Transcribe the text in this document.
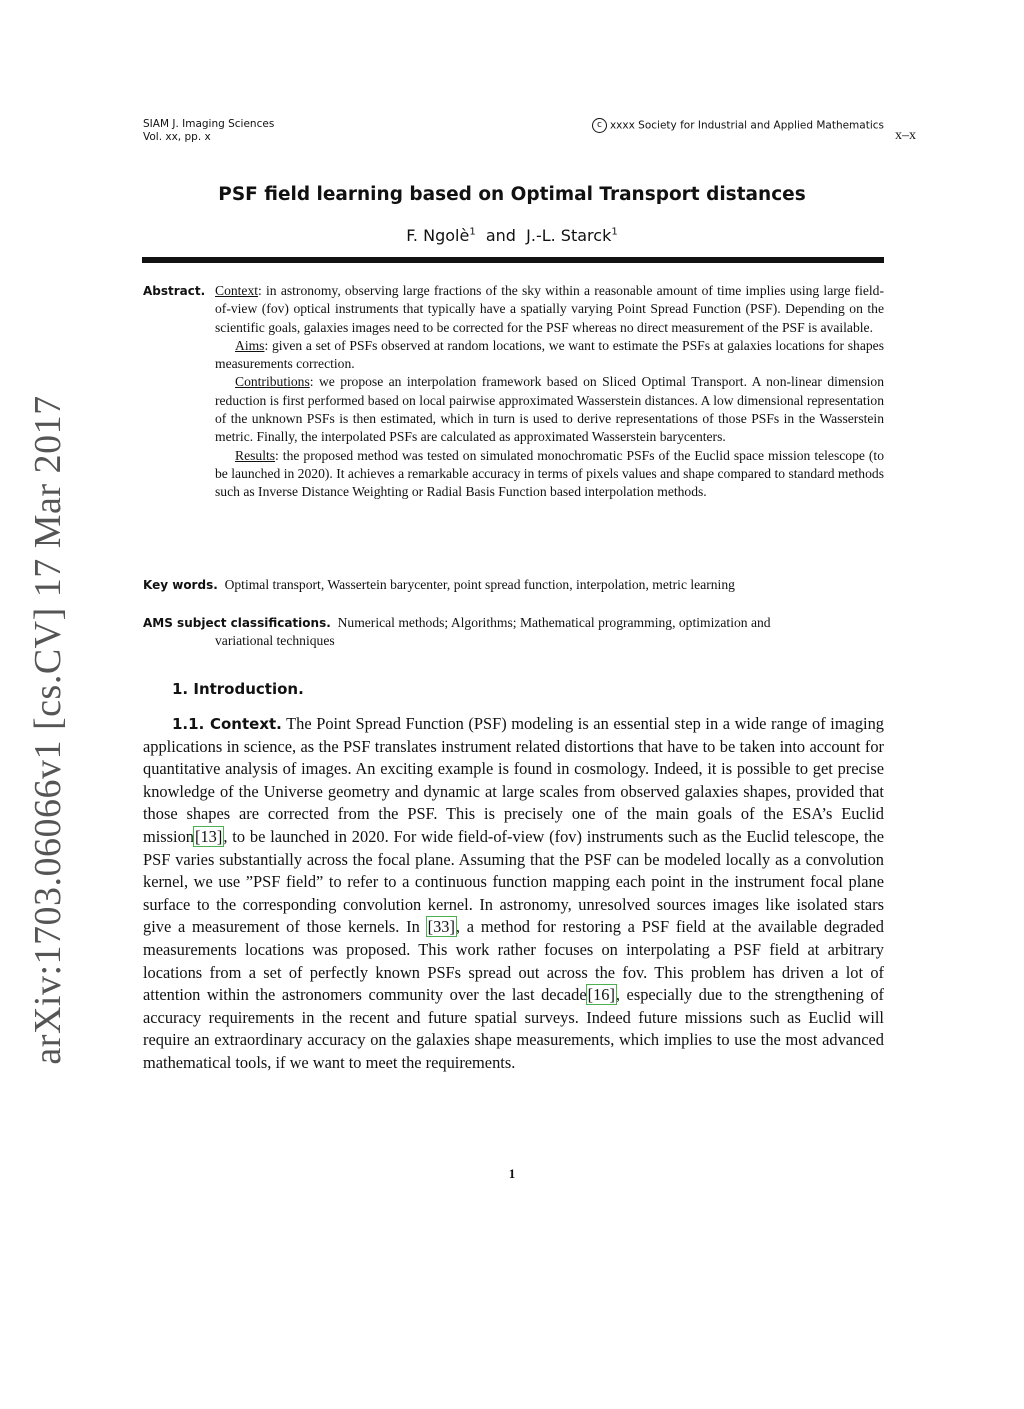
arXiv:1703.06066v1 [cs.CV] 17 Mar 2017
SIAM J. Imaging Sciences
Vol. xx, pp. x
c xxxx Society for Industrial and Applied Mathematics
x–x
PSF field learning based on Optimal Transport distances
F. Ngolè$^1$ and J.-L. Starck$^1$
Abstract. Context: in astronomy, observing large fractions of the sky within a reasonable amount of time implies using large field-of-view (fov) optical instruments that typically have a spatially varying Point Spread Function (PSF). Depending on the scientific goals, galaxies images need to be corrected for the PSF whereas no direct measurement of the PSF is available.

Aims: given a set of PSFs observed at random locations, we want to estimate the PSFs at galaxies locations for shapes measurements correction.

Contributions: we propose an interpolation framework based on Sliced Optimal Transport. A non-linear dimension reduction is first performed based on local pairwise approximated Wasserstein distances. A low dimensional representation of the unknown PSFs is then estimated, which in turn is used to derive representations of those PSFs in the Wasserstein metric. Finally, the interpolated PSFs are calculated as approximated Wasserstein barycenters.

Results: the proposed method was tested on simulated monochromatic PSFs of the Euclid space mission telescope (to be launched in 2020). It achieves a remarkable accuracy in terms of pixels values and shape compared to standard methods such as Inverse Distance Weighting or Radial Basis Function based interpolation methods.

Key words. Optimal transport, Wassertein barycenter, point spread function, interpolation, metric learning
AMS subject classifications. Numerical methods; Algorithms; Mathematical programming, optimization and
variational techniques
1. Introduction.

1.1. Context. The Point Spread Function (PSF) modeling is an essential step in a wide range of imaging applications in science, as the PSF translates instrument related distortions that have to be taken into account for quantitative analysis of images. An exciting example is found in cosmology. Indeed, it is possible to get precise knowledge of the Universe geometry and dynamic at large scales from observed galaxies shapes, provided that those shapes are corrected from the PSF. This is precisely one of the main goals of the ESA’s Euclid mission[13], to be launched in 2020. For wide field-of-view (fov) instruments such as the Euclid telescope, the PSF varies substantially across the focal plane. Assuming that the PSF can be modeled locally as a convolution kernel, we use ”PSF field” to refer to a continuous function mapping each point in the instrument focal plane surface to the corresponding convolution kernel. In astronomy, unresolved sources images like isolated stars give a measurement of those kernels. In [33], a method for restoring a PSF field at the available degraded measurements locations was proposed. This work rather focuses on interpolating a PSF field at arbitrary locations from a set of perfectly known PSFs spread out across the fov. This problem has driven a lot of attention within the astronomers community over the last decade[16], especially due to the strengthening of accuracy requirements in the recent and future spatial surveys. Indeed future missions such as Euclid will require an extraordinary accuracy on the galaxies shape measurements, which implies to use the most advanced mathematical tools, if we want to meet the requirements.

1
